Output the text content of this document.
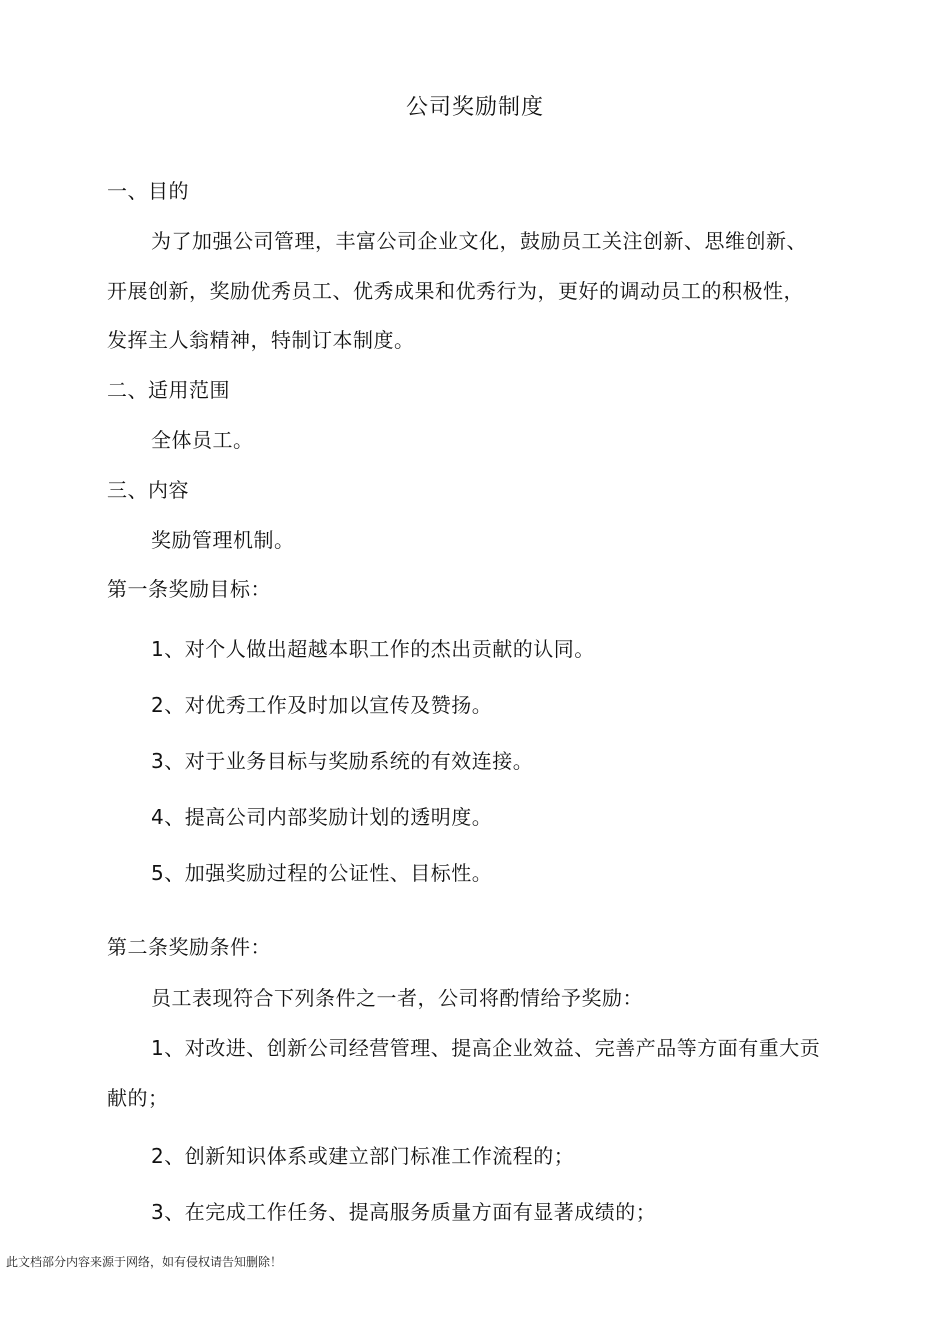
公司奖励制度
一、目的
为了加强公司管理，丰富公司企业文化，鼓励员工关注创新、思维创新、
开展创新，奖励优秀员工、优秀成果和优秀行为，更好的调动员工的积极性，
发挥主人翁精神，特制订本制度。
二、适用范围
全体员工。
三、内容
奖励管理机制。
第一条奖励目标：
1、对个人做出超越本职工作的杰出贡献的认同。
2、对优秀工作及时加以宣传及赞扬。
3、对于业务目标与奖励系统的有效连接。
4、提高公司内部奖励计划的透明度。
5、加强奖励过程的公证性、目标性。
第二条奖励条件：
员工表现符合下列条件之一者，公司将酌情给予奖励：
1、对改进、创新公司经营管理、提高企业效益、完善产品等方面有重大贡
献的；
2、创新知识体系或建立部门标准工作流程的；
3、在完成工作任务、提高服务质量方面有显著成绩的；
此文档部分内容来源于网络，如有侵权请告知删除！
